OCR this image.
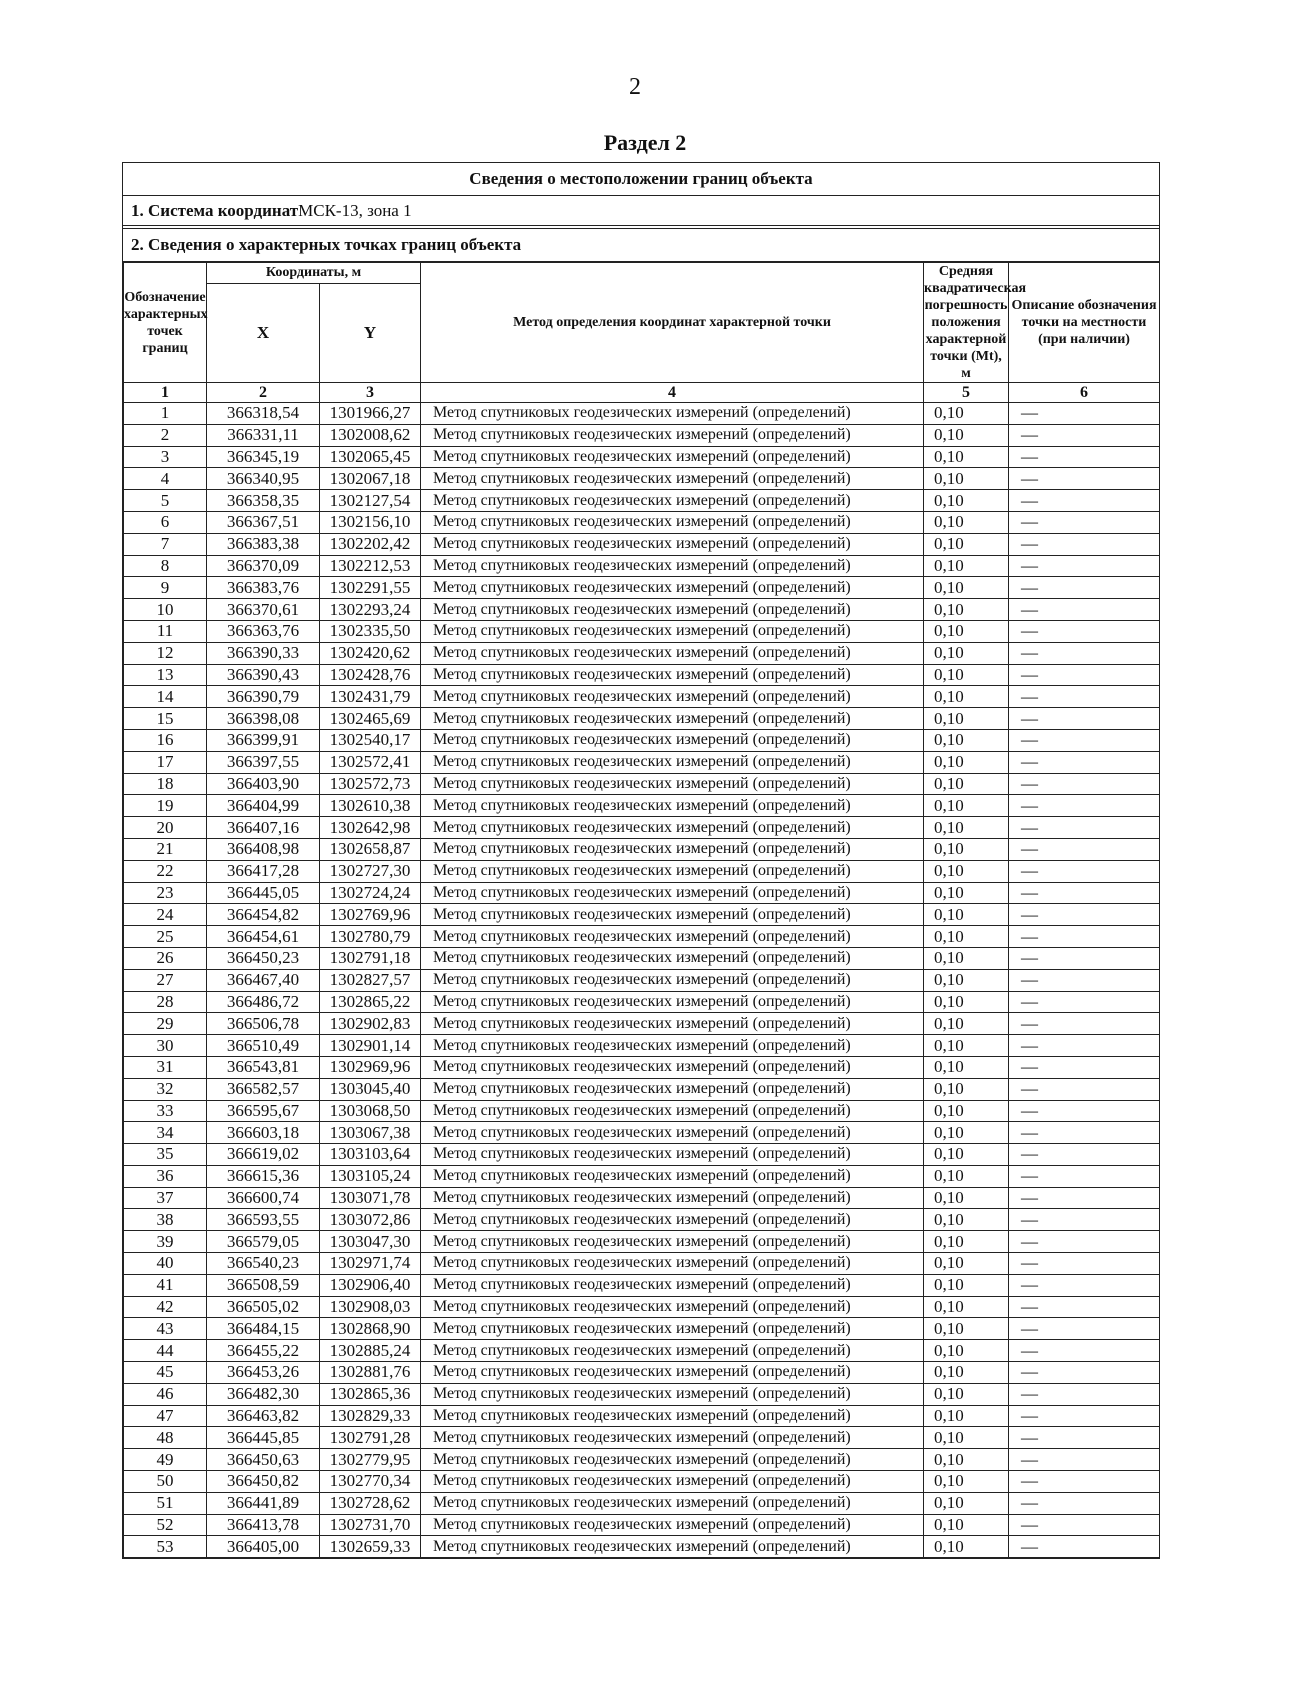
2
Раздел 2
Сведения о местоположении границ объекта
1. Система координат МСК-13, зона 1
2. Сведения о характерных точках границ объекта
Обозначение характерных точек границ	Координаты, м		Метод определения координат характерной точки	Средняя квадратическая погрешность положения характерной точки (Mt), м	Описание обозначения точки на местности (при наличии)
	X	Y			
1	2	3	4	5	6
1	366318,54	1301966,27	Метод спутниковых геодезических измерений (определений)	0,10	—
2	366331,11	1302008,62	Метод спутниковых геодезических измерений (определений)	0,10	—
3	366345,19	1302065,45	Метод спутниковых геодезических измерений (определений)	0,10	—
4	366340,95	1302067,18	Метод спутниковых геодезических измерений (определений)	0,10	—
5	366358,35	1302127,54	Метод спутниковых геодезических измерений (определений)	0,10	—
6	366367,51	1302156,10	Метод спутниковых геодезических измерений (определений)	0,10	—
7	366383,38	1302202,42	Метод спутниковых геодезических измерений (определений)	0,10	—
8	366370,09	1302212,53	Метод спутниковых геодезических измерений (определений)	0,10	—
9	366383,76	1302291,55	Метод спутниковых геодезических измерений (определений)	0,10	—
10	366370,61	1302293,24	Метод спутниковых геодезических измерений (определений)	0,10	—
11	366363,76	1302335,50	Метод спутниковых геодезических измерений (определений)	0,10	—
12	366390,33	1302420,62	Метод спутниковых геодезических измерений (определений)	0,10	—
13	366390,43	1302428,76	Метод спутниковых геодезических измерений (определений)	0,10	—
14	366390,79	1302431,79	Метод спутниковых геодезических измерений (определений)	0,10	—
15	366398,08	1302465,69	Метод спутниковых геодезических измерений (определений)	0,10	—
16	366399,91	1302540,17	Метод спутниковых геодезических измерений (определений)	0,10	—
17	366397,55	1302572,41	Метод спутниковых геодезических измерений (определений)	0,10	—
18	366403,90	1302572,73	Метод спутниковых геодезических измерений (определений)	0,10	—
19	366404,99	1302610,38	Метод спутниковых геодезических измерений (определений)	0,10	—
20	366407,16	1302642,98	Метод спутниковых геодезических измерений (определений)	0,10	—
21	366408,98	1302658,87	Метод спутниковых геодезических измерений (определений)	0,10	—
22	366417,28	1302727,30	Метод спутниковых геодезических измерений (определений)	0,10	—
23	366445,05	1302724,24	Метод спутниковых геодезических измерений (определений)	0,10	—
24	366454,82	1302769,96	Метод спутниковых геодезических измерений (определений)	0,10	—
25	366454,61	1302780,79	Метод спутниковых геодезических измерений (определений)	0,10	—
26	366450,23	1302791,18	Метод спутниковых геодезических измерений (определений)	0,10	—
27	366467,40	1302827,57	Метод спутниковых геодезических измерений (определений)	0,10	—
28	366486,72	1302865,22	Метод спутниковых геодезических измерений (определений)	0,10	—
29	366506,78	1302902,83	Метод спутниковых геодезических измерений (определений)	0,10	—
30	366510,49	1302901,14	Метод спутниковых геодезических измерений (определений)	0,10	—
31	366543,81	1302969,96	Метод спутниковых геодезических измерений (определений)	0,10	—
32	366582,57	1303045,40	Метод спутниковых геодезических измерений (определений)	0,10	—
33	366595,67	1303068,50	Метод спутниковых геодезических измерений (определений)	0,10	—
34	366603,18	1303067,38	Метод спутниковых геодезических измерений (определений)	0,10	—
35	366619,02	1303103,64	Метод спутниковых геодезических измерений (определений)	0,10	—
36	366615,36	1303105,24	Метод спутниковых геодезических измерений (определений)	0,10	—
37	366600,74	1303071,78	Метод спутниковых геодезических измерений (определений)	0,10	—
38	366593,55	1303072,86	Метод спутниковых геодезических измерений (определений)	0,10	—
39	366579,05	1303047,30	Метод спутниковых геодезических измерений (определений)	0,10	—
40	366540,23	1302971,74	Метод спутниковых геодезических измерений (определений)	0,10	—
41	366508,59	1302906,40	Метод спутниковых геодезических измерений (определений)	0,10	—
42	366505,02	1302908,03	Метод спутниковых геодезических измерений (определений)	0,10	—
43	366484,15	1302868,90	Метод спутниковых геодезических измерений (определений)	0,10	—
44	366455,22	1302885,24	Метод спутниковых геодезических измерений (определений)	0,10	—
45	366453,26	1302881,76	Метод спутниковых геодезических измерений (определений)	0,10	—
46	366482,30	1302865,36	Метод спутниковых геодезических измерений (определений)	0,10	—
47	366463,82	1302829,33	Метод спутниковых геодезических измерений (определений)	0,10	—
48	366445,85	1302791,28	Метод спутниковых геодезических измерений (определений)	0,10	—
49	366450,63	1302779,95	Метод спутниковых геодезических измерений (определений)	0,10	—
50	366450,82	1302770,34	Метод спутниковых геодезических измерений (определений)	0,10	—
51	366441,89	1302728,62	Метод спутниковых геодезических измерений (определений)	0,10	—
52	366413,78	1302731,70	Метод спутниковых геодезических измерений (определений)	0,10	—
53	366405,00	1302659,33	Метод спутниковых геодезических измерений (определений)	0,10	—
